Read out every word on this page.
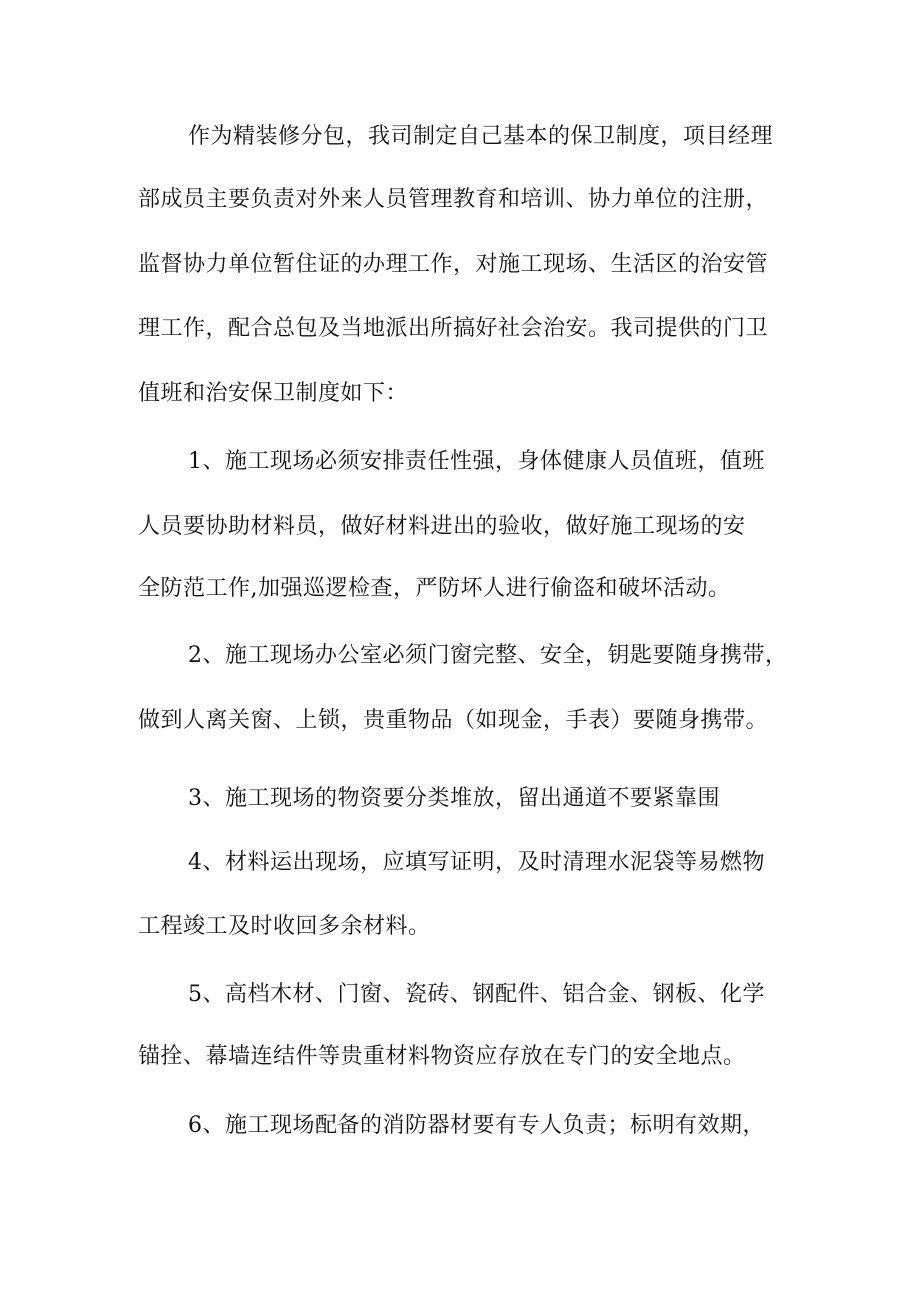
作为精装修分包，我司制定自己基本的保卫制度，项目经理

部成员主要负责对外来人员管理教育和培训、协力单位的注册，

监督协力单位暂住证的办理工作，对施工现场、生活区的治安管

理工作，配合总包及当地派出所搞好社会治安。我司提供的门卫

值班和治安保卫制度如下：

1、施工现场必须安排责任性强，身体健康人员值班，值班

人员要协助材料员，做好材料进出的验收，做好施工现场的安

全防范工作,加强巡逻检查，严防坏人进行偷盗和破坏活动。

2、施工现场办公室必须门窗完整、安全，钥匙要随身携带，

做到人离关窗、上锁，贵重物品（如现金，手表）要随身携带。

3、施工现场的物资要分类堆放，留出通道不要紧靠围

4、材料运出现场，应填写证明，及时清理水泥袋等易燃物

工程竣工及时收回多余材料。

5、高档木材、门窗、瓷砖、钢配件、铝合金、钢板、化学

锚拴、幕墙连结件等贵重材料物资应存放在专门的安全地点。

6、施工现场配备的消防器材要有专人负责；标明有效期，
